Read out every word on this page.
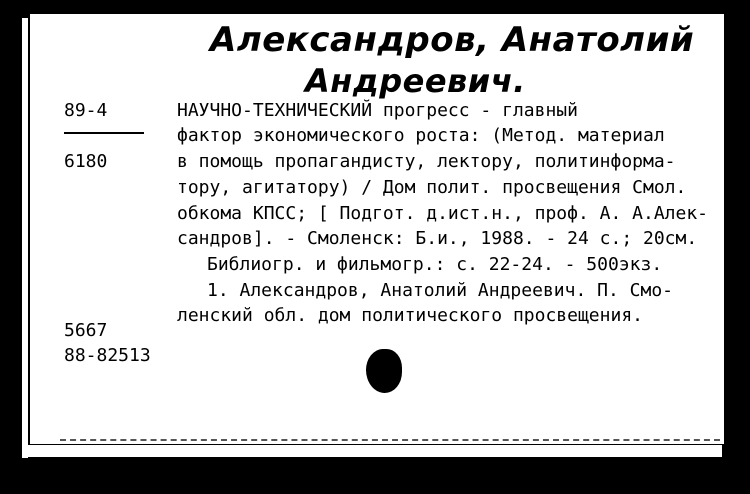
Александров, Анатолий
Андреевич.
89-4
6180
5667
88-82513
НАУЧНО-ТЕХНИЧЕСКИЙ прогресс - главный
фактор экономического роста: (Метод. материал
в помощь пропагандисту, лектору, политинформа-
тору, агитатору) / Дом полит. просвещения Смол.
обкома КПСС; [ Подгот. д.ист.н., проф. А. А.Алек-
сандров]. - Смоленск: Б.и., 1988. - 24 с.; 20см.
Библиогр. и фильмогр.: с. 22-24. - 500экз.
1. Александров, Анатолий Андреевич. П. Смо-
ленский обл. дом политического просвещения.
